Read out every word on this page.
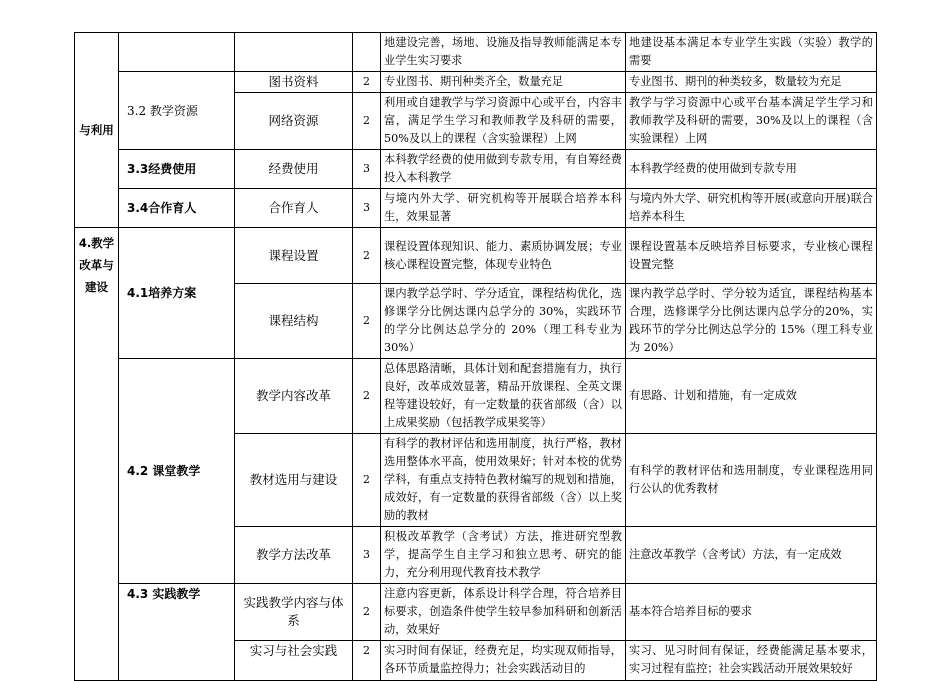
与利用				地建设完善，场地、设施及指导教师能满足本专业学生实习要求	地建设基本满足本专业学生实践（实验）教学的需要
	3.2 教学资源	图书资料	2	专业图书、期刊种类齐全，数量充足	专业图书、期刊的种类较多，数量较为充足
		网络资源	2	利用或自建教学与学习资源中心或平台，内容丰富，满足学生学习和教师教学及科研的需要，50%及以上的课程（含实验课程）上网	教学与学习资源中心或平台基本满足学生学习和教师教学及科研的需要，30%及以上的课程（含实验课程）上网
	3.3经费使用	经费使用	3	本科教学经费的使用做到专款专用，有自筹经费投入本科教学	本科教学经费的使用做到专款专用
	3.4合作育人	合作育人	3	与境内外大学、研究机构等开展联合培养本科生，效果显著	与境内外大学、研究机构等开展(或意向开展)联合培养本科生
4.教学改革与建设	4.1培养方案	课程设置	2	课程设置体现知识、能力、素质协调发展；专业核心课程设置完整，体现专业特色	课程设置基本反映培养目标要求，专业核心课程设置完整
		课程结构	2	课内教学总学时、学分适宜，课程结构优化，选修课学分比例达课内总学分的 30%，实践环节的学分比例达总学分的 20%（理工科专业为30%）	课内教学总学时、学分较为适宜，课程结构基本合理，选修课学分比例达课内总学分的20%，实践环节的学分比例达总学分的 15%（理工科专业为 20%）
	4.2 课堂教学	教学内容改革	2	总体思路清晰，具体计划和配套措施有力，执行良好，改革成效显著，精品开放课程、全英文课程等建设较好，有一定数量的获省部级（含）以上成果奖励（包括教学成果奖等）	有思路、计划和措施，有一定成效
		教材选用与建设	2	有科学的教材评估和选用制度，执行严格，教材选用整体水平高，使用效果好；针对本校的优势学科，有重点支持特色教材编写的规划和措施，成效好，有一定数量的获得省部级（含）以上奖励的教材	有科学的教材评估和选用制度，专业课程选用同行公认的优秀教材
		教学方法改革	3	积极改革教学（含考试）方法，推进研究型教学，提高学生自主学习和独立思考、研究的能力，充分利用现代教育技术教学	注意改革教学（含考试）方法，有一定成效
	4.3 实践教学	实践教学内容与体系	2	注意内容更新，体系设计科学合理，符合培养目标要求，创造条件使学生较早参加科研和创新活动，效果好	基本符合培养目标的要求
		实习与社会实践	2	实习时间有保证，经费充足，均实现双师指导，各环节质量监控得力；社会实践活动目的	实习、见习时间有保证，经费能满足基本要求，实习过程有监控；社会实践活动开展效果较好
